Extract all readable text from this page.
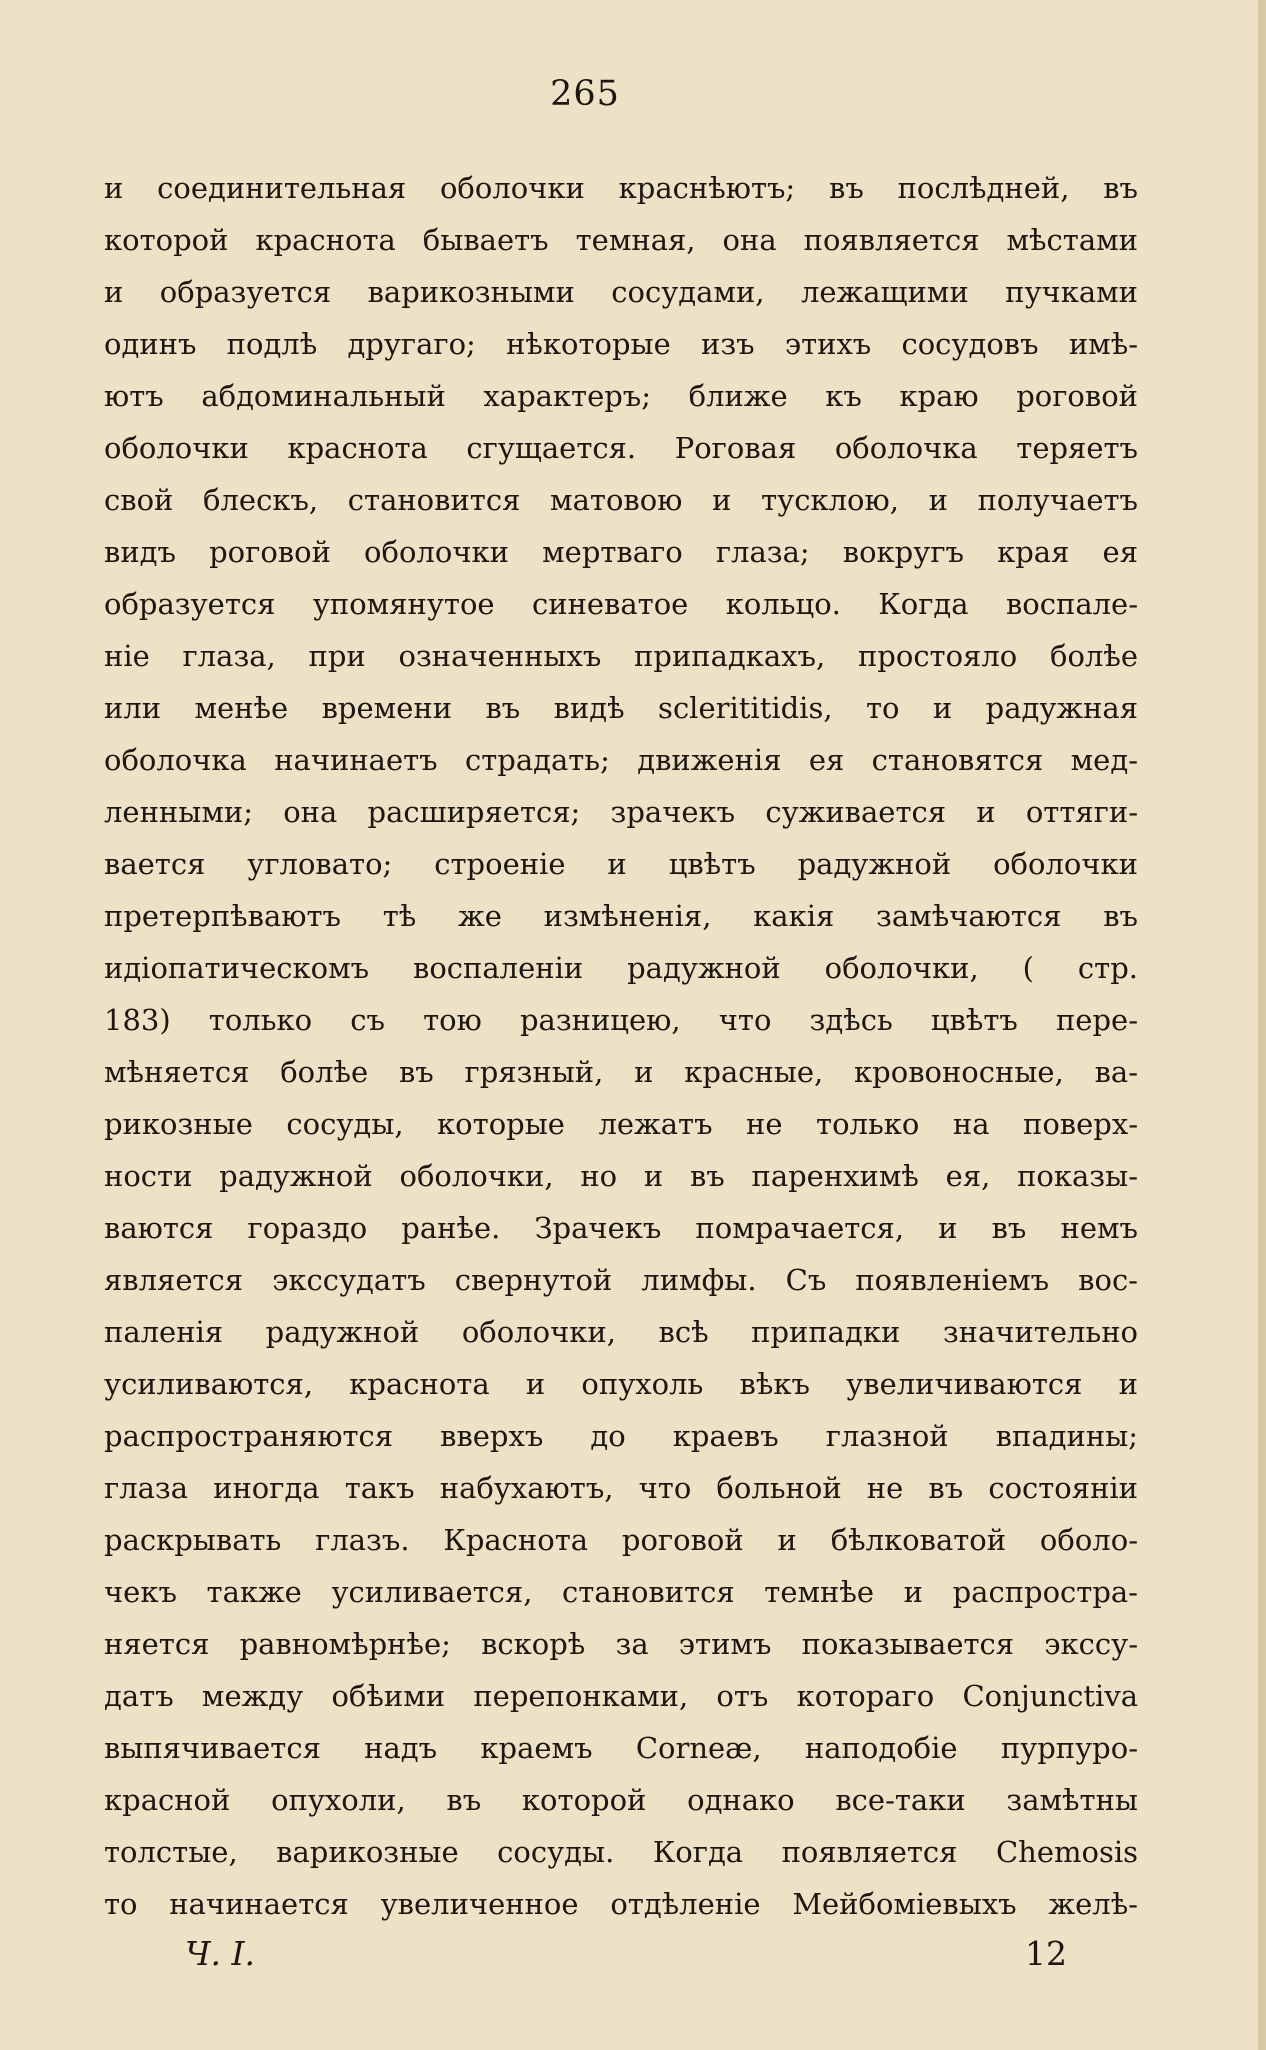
265
и соединительная оболочки краснѣютъ; въ послѣдней, въ
которой краснота бываетъ темная, она появляется мѣстами
и образуется варикозными сосудами, лежащими пучками
одинъ подлѣ другаго; нѣкоторые изъ этихъ сосудовъ имѣ-
ютъ абдоминальный характеръ; ближе къ краю роговой
оболочки краснота сгущается. Роговая оболочка теряетъ
свой блескъ, становится матовою и тусклою, и получаетъ
видъ роговой оболочки мертваго глаза; вокругъ края ея
образуется упомянутое синеватое кольцо. Когда воспале-
нiе глаза, при означенныхъ припадкахъ, простояло болѣе
или менѣе времени въ видѣ sclerititidis, то и радужная
оболочка начинаетъ страдать; движенiя ея становятся мед-
ленными; она расширяется; зрачекъ суживается и оттяги-
вается угловато; строенiе и цвѣтъ радужной оболочки
претерпѣваютъ тѣ же измѣненiя, какiя замѣчаются въ
идiопатическомъ воспаленiи радужной оболочки, ( стр.
183) только съ тою разницею, что здѣсь цвѣтъ пере-
мѣняется болѣе въ грязный, и красные, кровоносные, ва-
рикозные сосуды, которые лежатъ не только на поверх-
ности радужной оболочки, но и въ паренхимѣ ея, показы-
ваются гораздо ранѣе. Зрачекъ помрачается, и въ немъ
является экссудатъ свернутой лимфы. Съ появленiемъ вос-
паленiя радужной оболочки, всѣ припадки значительно
усиливаются, краснота и опухоль вѣкъ увеличиваются и
распространяются вверхъ до краевъ глазной впадины;
глаза иногда такъ набухаютъ, что больной не въ состоянiи
раскрывать глазъ. Краснота роговой и бѣлковатой оболо-
чекъ также усиливается, становится темнѣе и распростра-
няется равномѣрнѣе; вскорѣ за этимъ показывается экссу-
датъ между обѣими перепонками, отъ котораго Conjunctiva
выпячивается надъ краемъ Corneæ, наподобiе пурпуро-
красной опухоли, въ которой однако все-таки замѣтны
толстые, варикозные сосуды. Когда появляется Chemosis
то начинается увеличенное отдѣленiе Мейбомiевыхъ желѣ-
Ч. I.	12
